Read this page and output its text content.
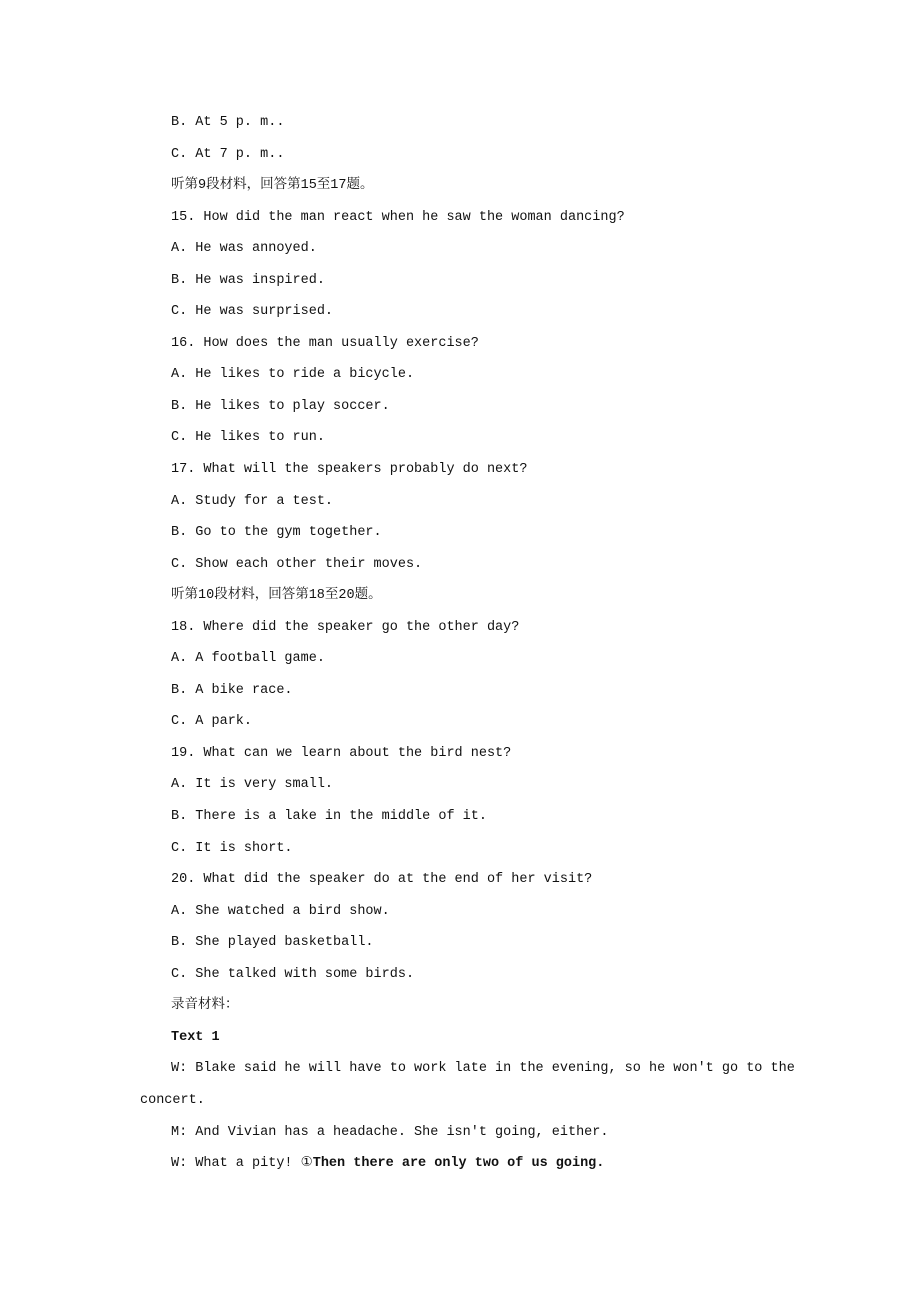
B. At 5 p. m..

C. At 7 p. m..

听第9段材料，回答第15至17题。

15. How did the man react when he saw the woman dancing?

A. He was annoyed.

B. He was inspired.

C. He was surprised.

16. How does the man usually exercise?

A. He likes to ride a bicycle.

B. He likes to play soccer.

C. He likes to run.

17. What will the speakers probably do next?

A. Study for a test.

B. Go to the gym together.

C. Show each other their moves.

听第10段材料，回答第18至20题。

18. Where did the speaker go the other day?

A. A football game.

B. A bike race.

C. A park.

19. What can we learn about the bird nest?

A. It is very small.

B. There is a lake in the middle of it.

C. It is short.

20. What did the speaker do at the end of her visit?

A. She watched a bird show.

B. She played basketball.

C. She talked with some birds.

录音材料：

Text 1

W: Blake said he will have to work late in the evening, so he won't go to the concert.

M: And Vivian has a headache. She isn't going, either.

W: What a pity! ①Then there are only two of us going.
